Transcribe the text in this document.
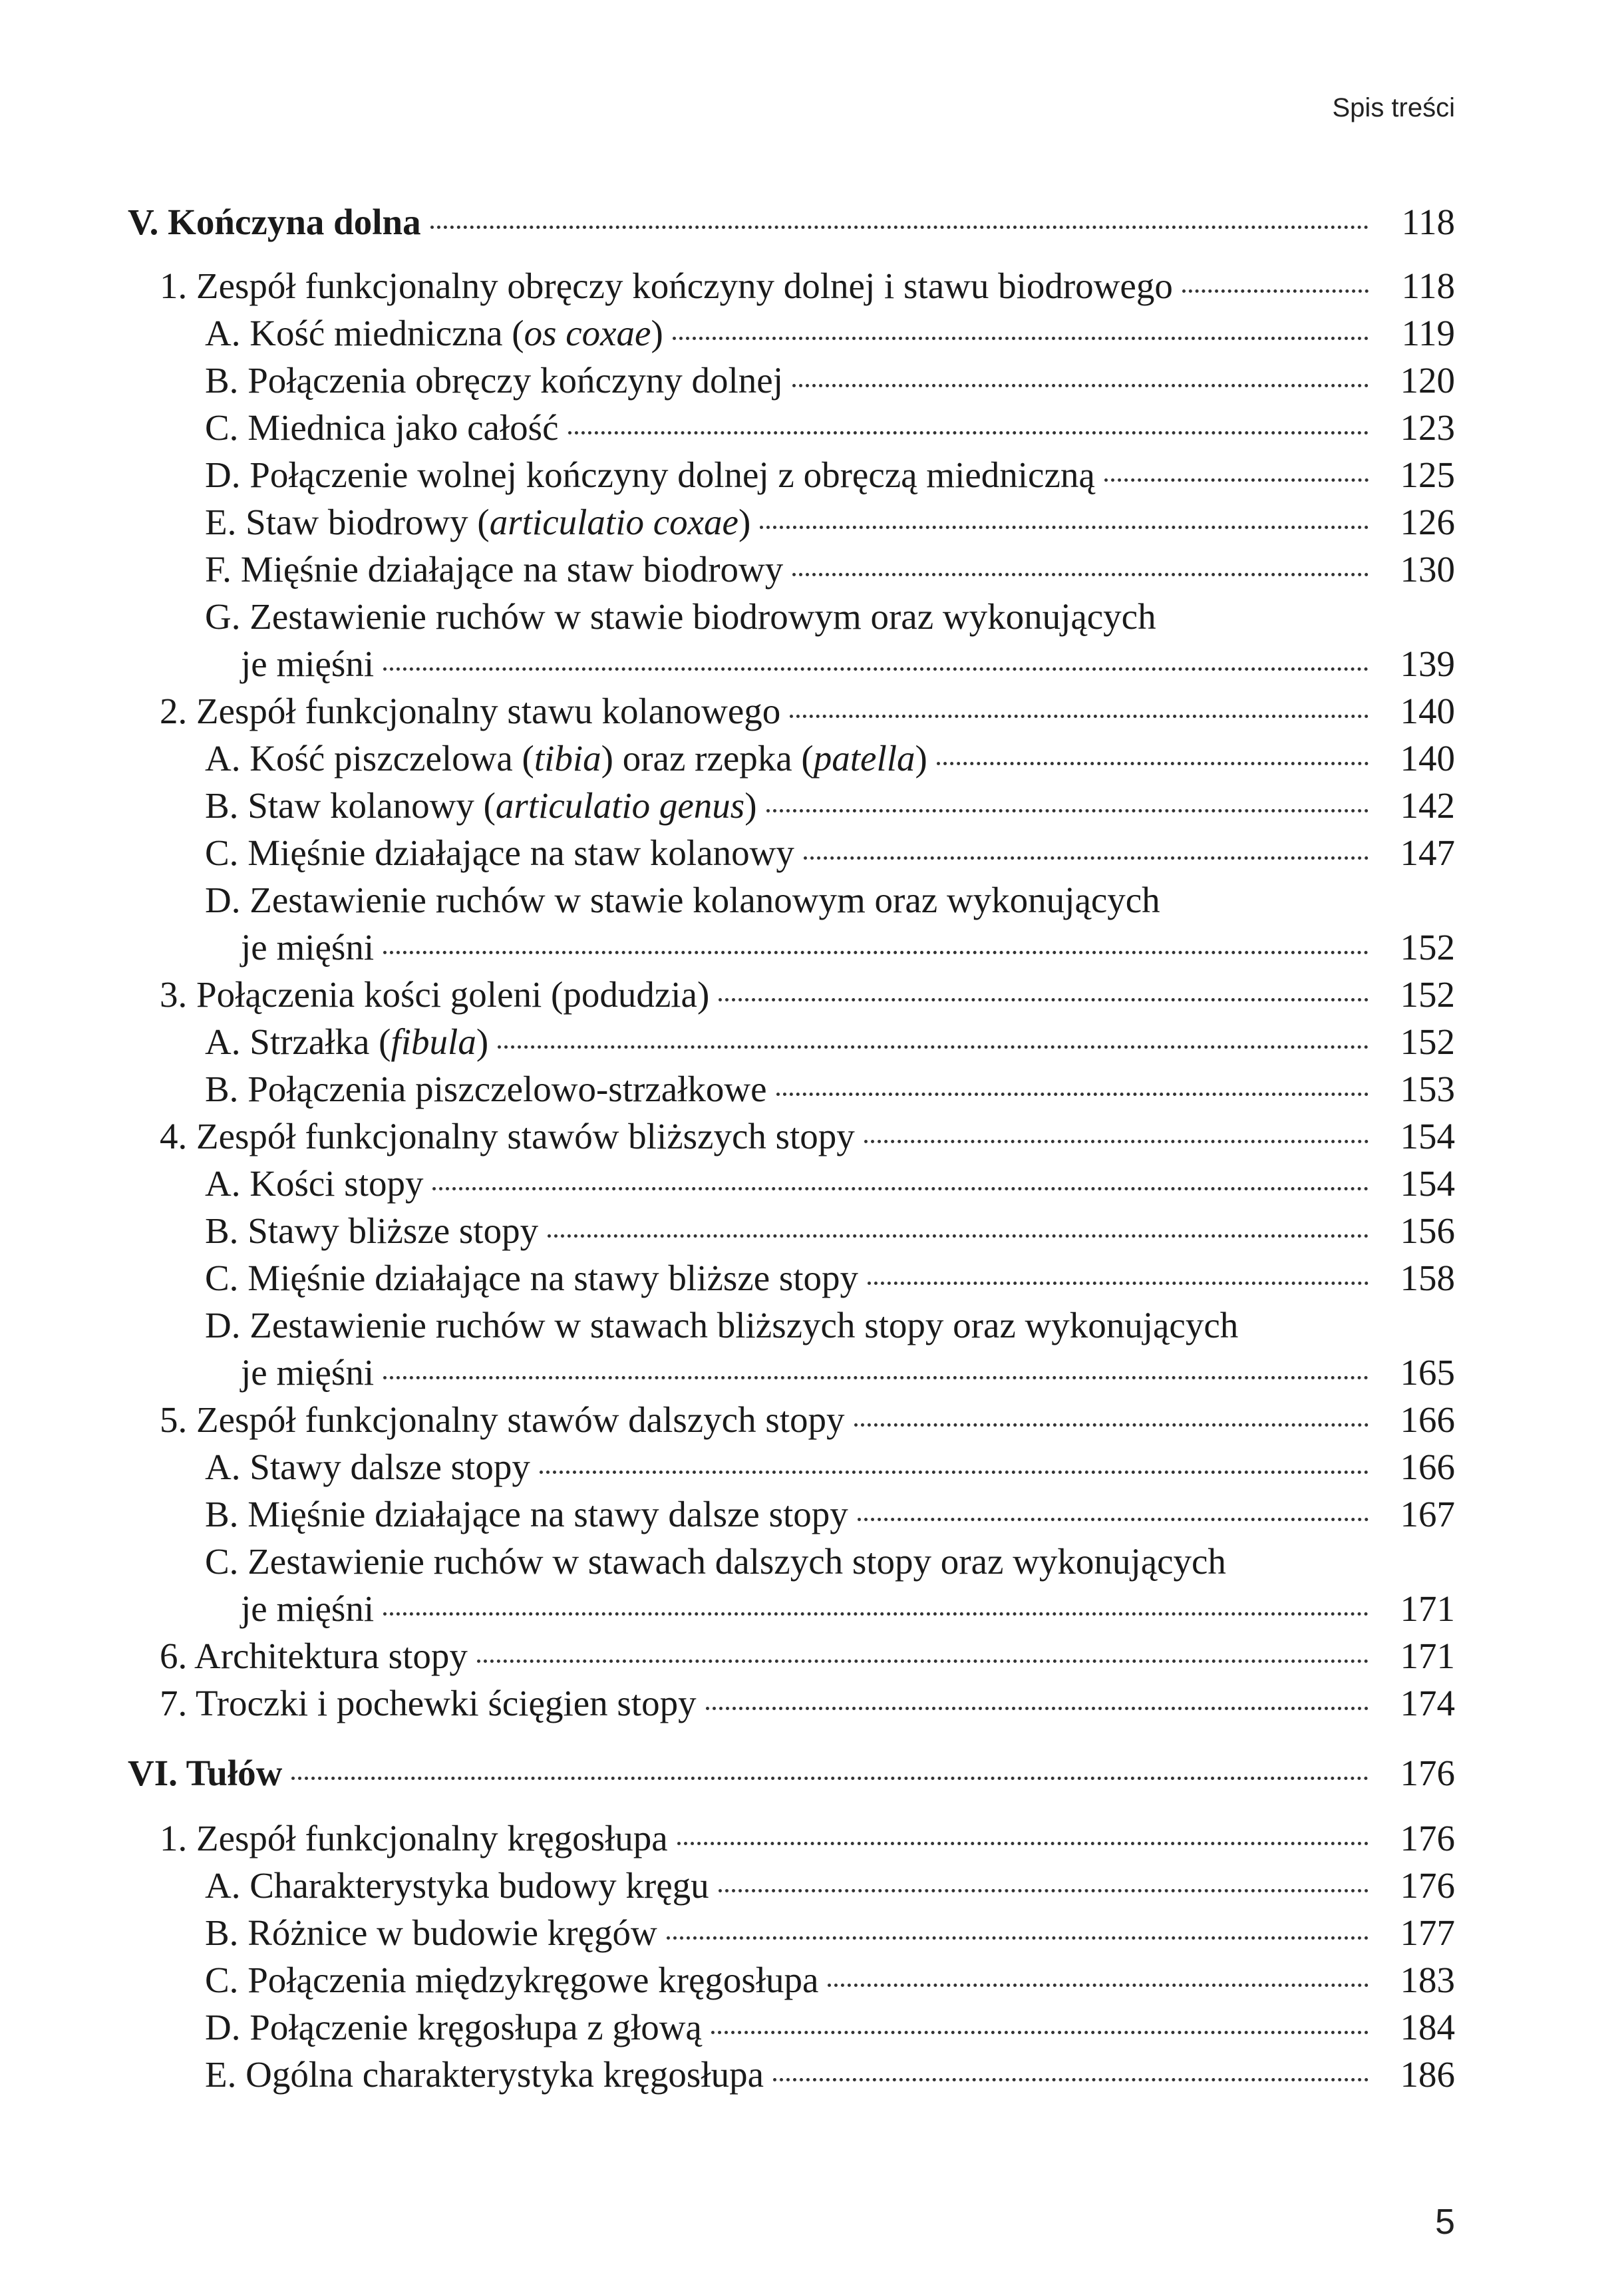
Spis treści
V. Kończyna dolna	118
1. Zespół funkcjonalny obręczy kończyny dolnej i stawu biodrowego	118
A. Kość miedniczna (os coxae)	119
B. Połączenia obręczy kończyny dolnej	120
C. Miednica jako całość	123
D. Połączenie wolnej kończyny dolnej z obręczą miedniczną	125
E. Staw biodrowy (articulatio coxae)	126
F. Mięśnie działające na staw biodrowy	130
G. Zestawienie ruchów w stawie biodrowym oraz wykonujących
je mięśni	139
2. Zespół funkcjonalny stawu kolanowego	140
A. Kość piszczelowa (tibia) oraz rzepka (patella)	140
B. Staw kolanowy (articulatio genus)	142
C. Mięśnie działające na staw kolanowy	147
D. Zestawienie ruchów w stawie kolanowym oraz wykonujących
je mięśni	152
3. Połączenia kości goleni (podudzia)	152
A. Strzałka (fibula)	152
B. Połączenia piszczelowo-strzałkowe	153
4. Zespół funkcjonalny stawów bliższych stopy	154
A. Kości stopy	154
B. Stawy bliższe stopy	156
C. Mięśnie działające na stawy bliższe stopy	158
D. Zestawienie ruchów w stawach bliższych stopy oraz wykonujących
je mięśni	165
5. Zespół funkcjonalny stawów dalszych stopy	166
A. Stawy dalsze stopy	166
B. Mięśnie działające na stawy dalsze stopy	167
C. Zestawienie ruchów w stawach dalszych stopy oraz wykonujących
je mięśni	171
6. Architektura stopy	171
7. Troczki i pochewki ścięgien stopy	174
VI. Tułów	176
1. Zespół funkcjonalny kręgosłupa	176
A. Charakterystyka budowy kręgu	176
B. Różnice w budowie kręgów	177
C. Połączenia międzykręgowe kręgosłupa	183
D. Połączenie kręgosłupa z głową	184
E. Ogólna charakterystyka kręgosłupa	186
5
